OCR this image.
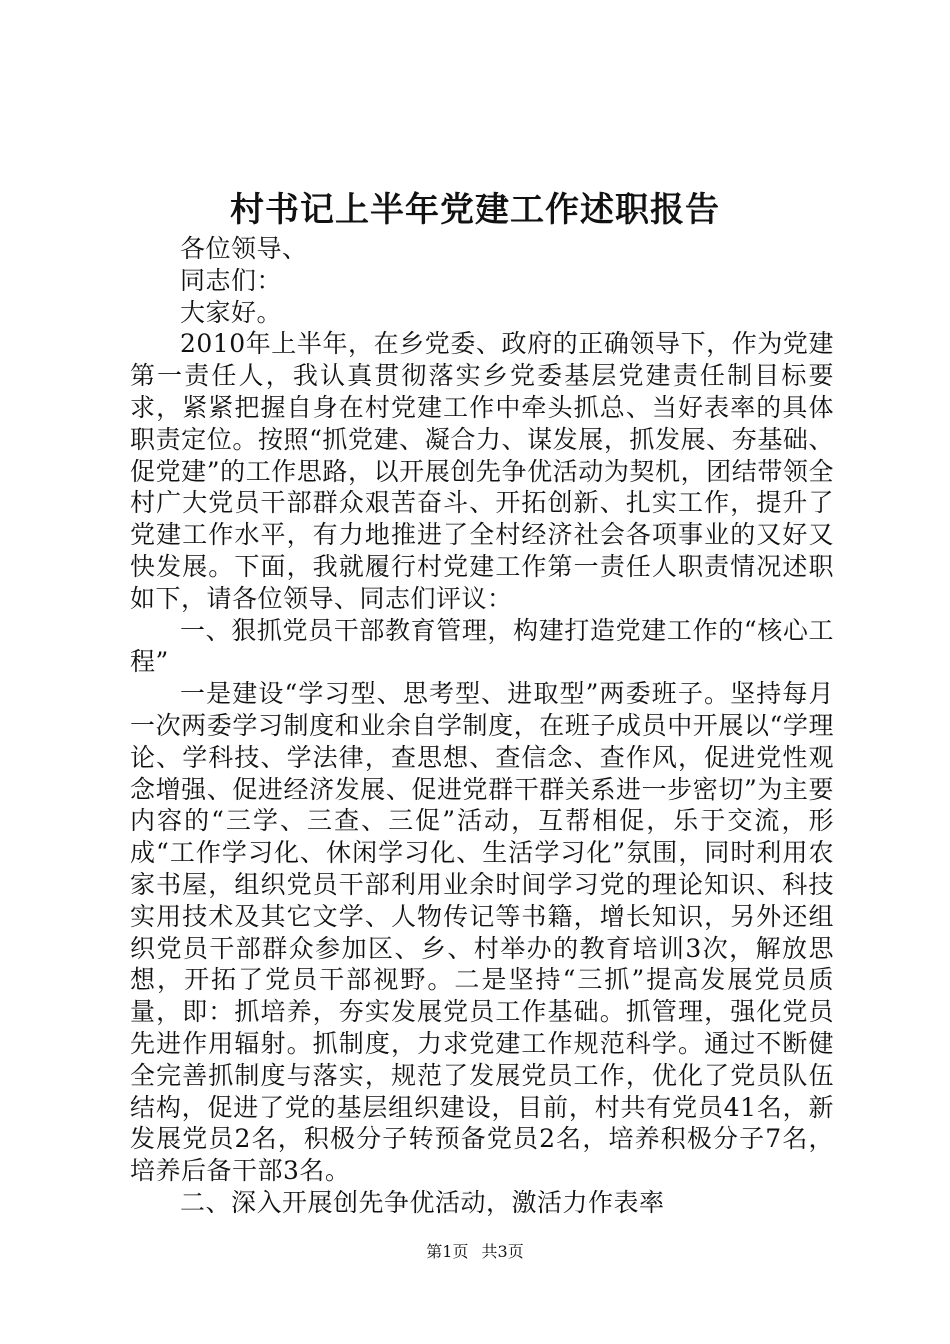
村书记上半年党建工作述职报告

各位领导、

同志们：

大家好。

2010年上半年，在乡党委、政府的正确领导下，作为党建第一责任人，我认真贯彻落实乡党委基层党建责任制目标要求，紧紧把握自身在村党建工作中牵头抓总、当好表率的具体职责定位。按照“抓党建、凝合力、谋发展，抓发展、夯基础、促党建”的工作思路，以开展创先争优活动为契机，团结带领全村广大党员干部群众艰苦奋斗、开拓创新、扎实工作，提升了党建工作水平，有力地推进了全村经济社会各项事业的又好又快发展。下面，我就履行村党建工作第一责任人职责情况述职如下，请各位领导、同志们评议：

一、狠抓党员干部教育管理，构建打造党建工作的“核心工程”

一是建设“学习型、思考型、进取型”两委班子。坚持每月一次两委学习制度和业余自学制度，在班子成员中开展以“学理论、学科技、学法律，查思想、查信念、查作风，促进党性观念增强、促进经济发展、促进党群干群关系进一步密切”为主要内容的“三学、三查、三促”活动，互帮相促，乐于交流，形成“工作学习化、休闲学习化、生活学习化”氛围，同时利用农家书屋，组织党员干部利用业余时间学习党的理论知识、科技实用技术及其它文学、人物传记等书籍，增长知识，另外还组织党员干部群众参加区、乡、村举办的教育培训3次，解放思想，开拓了党员干部视野。二是坚持“三抓”提高发展党员质量，即：抓培养，夯实发展党员工作基础。抓管理，强化党员先进作用辐射。抓制度，力求党建工作规范科学。通过不断健全完善抓制度与落实，规范了发展党员工作，优化了党员队伍结构，促进了党的基层组织建设，目前，村共有党员41名，新发展党员2名，积极分子转预备党员2名，培养积极分子7名，培养后备干部3名。

二、深入开展创先争优活动，激活力作表率

第1页 共3页
